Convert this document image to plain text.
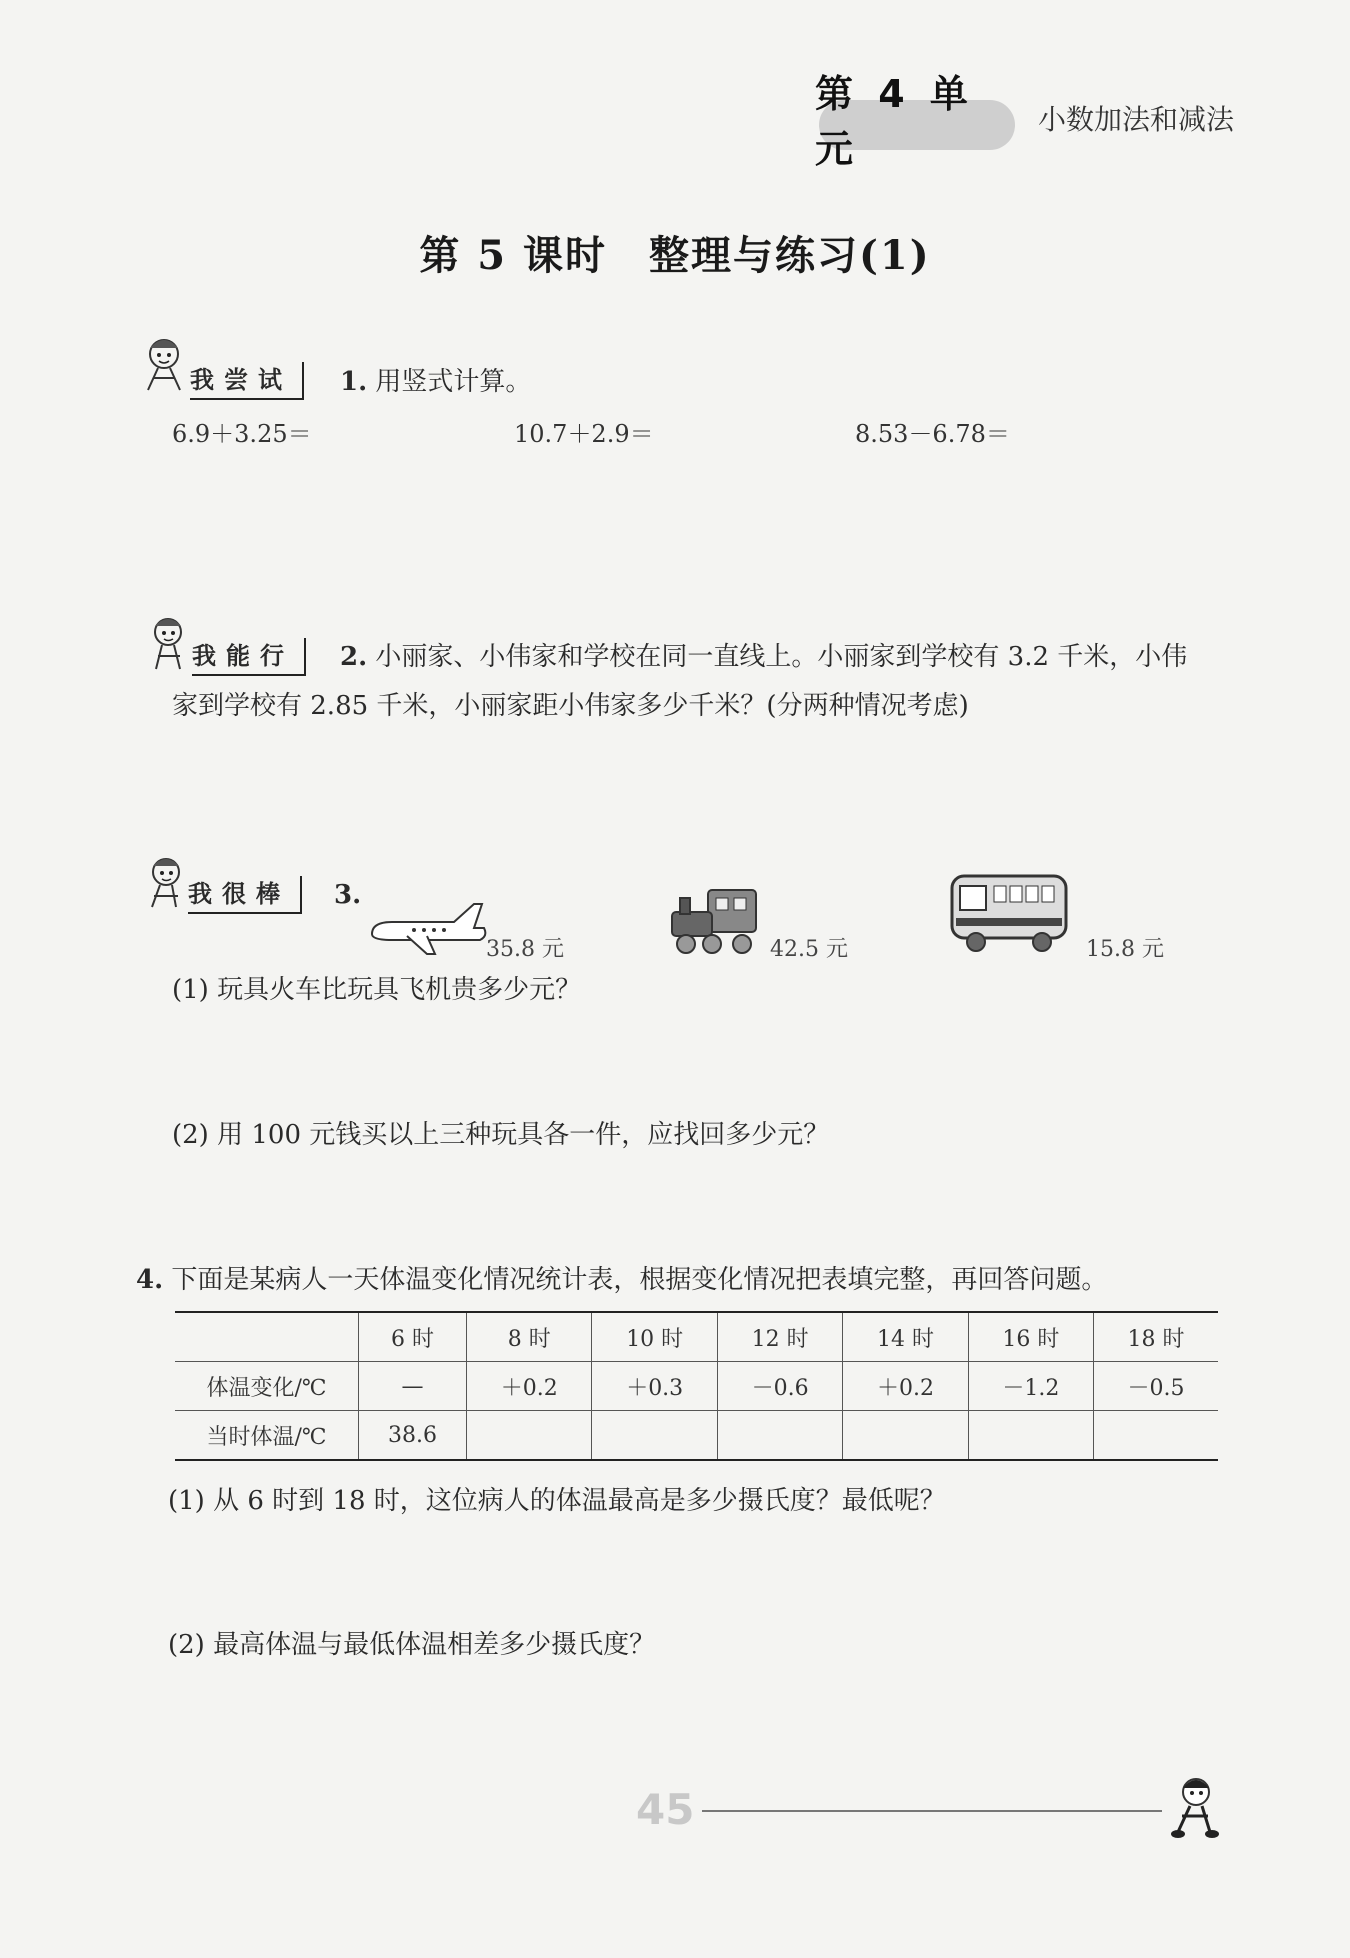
第 4 单元
小数加法和减法
第 5 课时　整理与练习(1)
我尝试	1. 用竖式计算。
6.9＋3.25＝	10.7＋2.9＝	8.53－6.78＝
我能行	2. 小丽家、小伟家和学校在同一直线上。小丽家到学校有 3.2 千米，小伟
家到学校有 2.85 千米，小丽家距小伟家多少千米？(分两种情况考虑)
我很棒	3.
35.8 元	42.5 元	15.8 元
(1) 玩具火车比玩具飞机贵多少元？
(2) 用 100 元钱买以上三种玩具各一件，应找回多少元？
4. 下面是某病人一天体温变化情况统计表，根据变化情况把表填完整，再回答问题。
	6 时	8 时	10 时	12 时	14 时	16 时	18 时
体温变化/℃	—	＋0.2	＋0.3	－0.6	＋0.2	－1.2	－0.5
当时体温/℃	38.6						
(1) 从 6 时到 18 时，这位病人的体温最高是多少摄氏度？最低呢？
(2) 最高体温与最低体温相差多少摄氏度？
45
